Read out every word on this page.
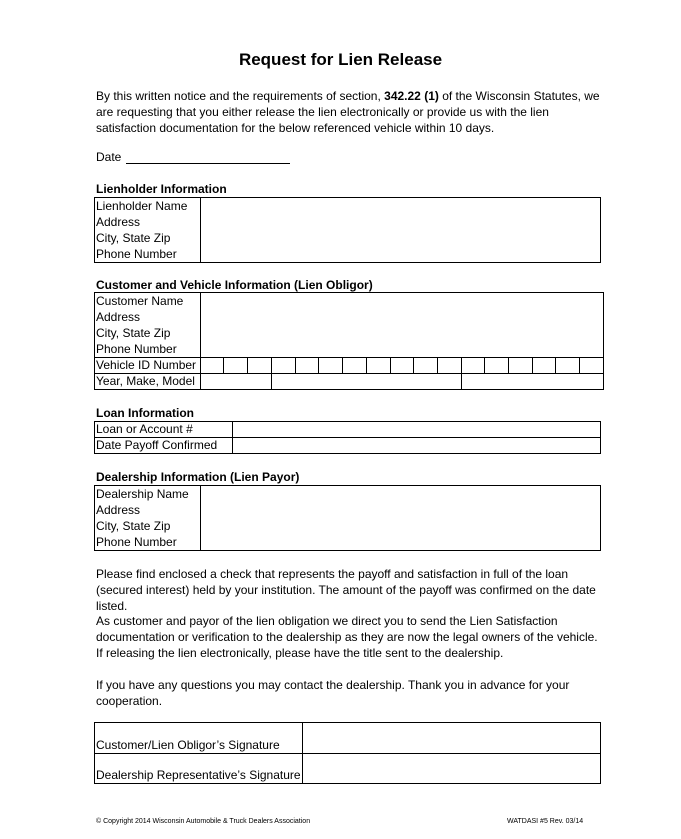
Request for Lien Release

By this written notice and the requirements of section, 342.22 (1) of the Wisconsin Statutes, we are requesting that you either release the lien electronically or provide us with the lien satisfaction documentation for the below referenced vehicle within 10 days.

Date
Lienholder Information
Lienholder Name
Address
City, State Zip
Phone Number

Customer and Vehicle Information (Lien Obligor)
Customer Name
Address
City, State Zip
Phone Number																	

Vehicle ID Number																	
Year, Make, Model																	
Loan Information
Loan or Account #	
Date Payoff Confirmed	
Dealership Information (Lien Payor)
Dealership Name
Address
City, State Zip
Phone Number

Please find enclosed a check that represents the payoff and satisfaction in full of the loan (secured interest) held by your institution. The amount of the payoff was confirmed on the date listed.

As customer and payor of the lien obligation we direct you to send the Lien Satisfaction documentation or verification to the dealership as they are now the legal owners of the vehicle. If releasing the lien electronically, please have the title sent to the dealership.

If you have any questions you may contact the dealership. Thank you in advance for your cooperation.

Customer/Lien Obligor’s Signature	
Dealership Representative’s Signature	
© Copyright 2014 Wisconsin Automobile & Truck Dealers Association	WATDASI #5 Rev. 03/14
